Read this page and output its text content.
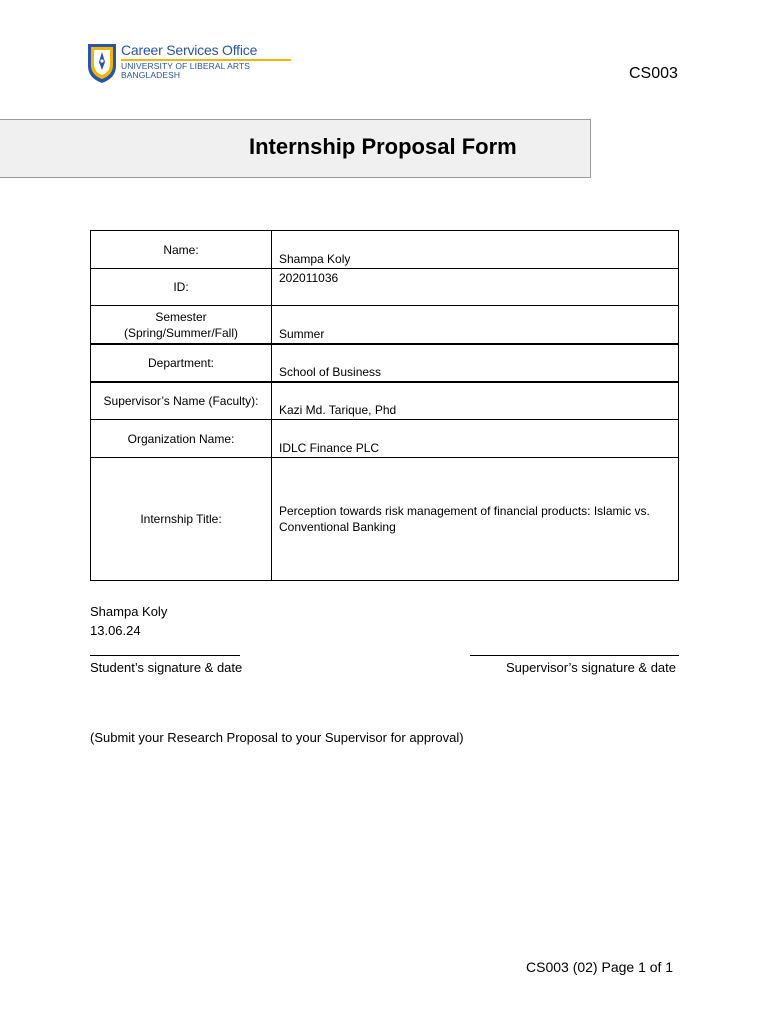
Career Services Office
UNIVERSITY OF LIBERAL ARTS
BANGLADESH	CS003
Internship Proposal Form
Name:	Shampa Koly
ID:	202011036

Semester
(Spring/Summer/Fall)	Summer
Department:	School of Business
Supervisor’s Name (Faculty):	Kazi Md. Tarique, Phd
Organization Name:	IDLC Finance PLC
Internship Title:	Perception towards risk management of financial products: Islamic vs. Conventional Banking
Shampa Koly
13.06.24
Student’s signature & date	Supervisor’s signature & date
(Submit your Research Proposal to your Supervisor for approval)
CS003 (02) Page 1 of 1
